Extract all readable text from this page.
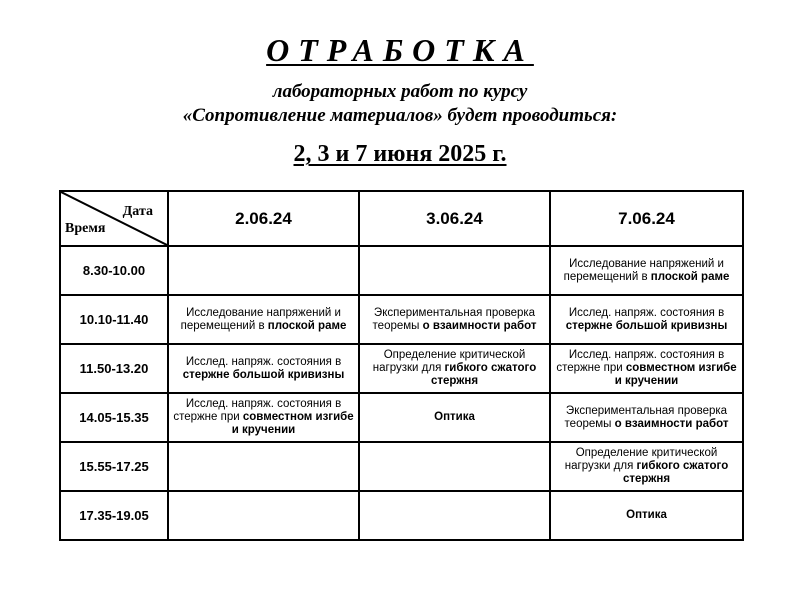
ОТРАБОТКА
лабораторных работ по курсу
«Сопротивление материалов» будет проводиться:
2, 3 и 7 июня 2025 г.
Дата
Время	2.06.24	3.06.24	7.06.24
8.30-10.00			Исследование напряжений и перемещений в плоской раме
10.10-11.40	Исследование напряжений и перемещений в плоской раме	Экспериментальная проверка теоремы о взаимности работ	Исслед. напряж. состояния в стержне большой кривизны
11.50-13.20	Исслед. напряж. состояния в стержне большой кривизны	Определение критической нагрузки для гибкого сжатого стержня	Исслед. напряж. состояния в стержне при совместном изгибе и кручении
14.05-15.35	Исслед. напряж. состояния в стержне при совместном изгибе и кручении	Оптика	Экспериментальная проверка теоремы о взаимности работ
15.55-17.25			Определение критической нагрузки для гибкого сжатого стержня
17.35-19.05			Оптика
